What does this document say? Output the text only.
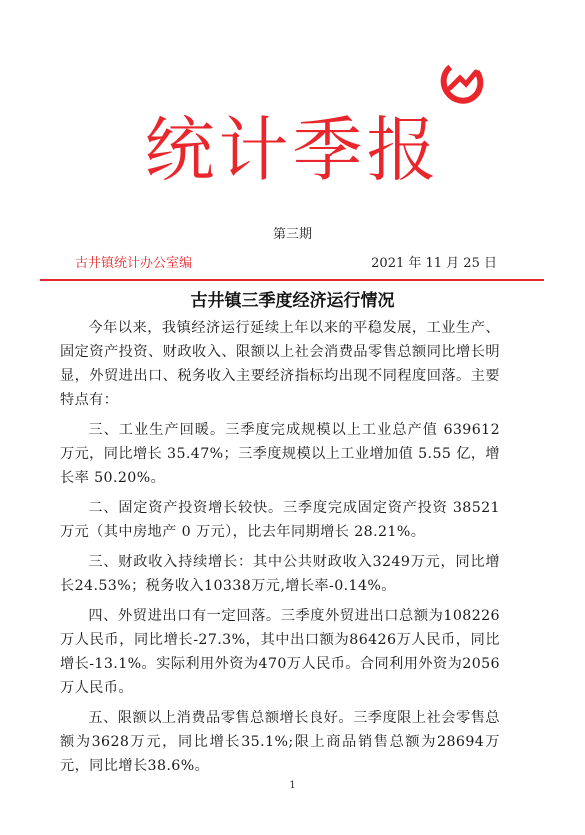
统计季报
第三期
古井镇统计办公室编	2021 年 11 月 25 日
古井镇三季度经济运行情况

今年以来，我镇经济运行延续上年以来的平稳发展，工业生产、固定资产投资、财政收入、限额以上社会消费品零售总额同比增长明显，外贸进出口、税务收入主要经济指标均出现不同程度回落。主要特点有：

三、工业生产回暖。三季度完成规模以上工业总产值 639612 万元，同比增长 35.47%；三季度规模以上工业增加值 5.55 亿，增长率 50.20%。

二、固定资产投资增长较快。三季度完成固定资产投资 38521 万元（其中房地产 0 万元），比去年同期增长 28.21%。

三、财政收入持续增长：其中公共财政收入3249万元，同比增长24.53%；税务收入10338万元,增长率-0.14%。

四、外贸进出口有一定回落。三季度外贸进出口总额为108226万人民币，同比增长-27.3%，其中出口额为86426万人民币，同比增长-13.1%。实际利用外资为470万人民币。合同利用外资为2056万人民币。

五、限额以上消费品零售总额增长良好。三季度限上社会零售总额为3628万元，同比增长35.1%;限上商品销售总额为28694万元，同比增长38.6%。

1
